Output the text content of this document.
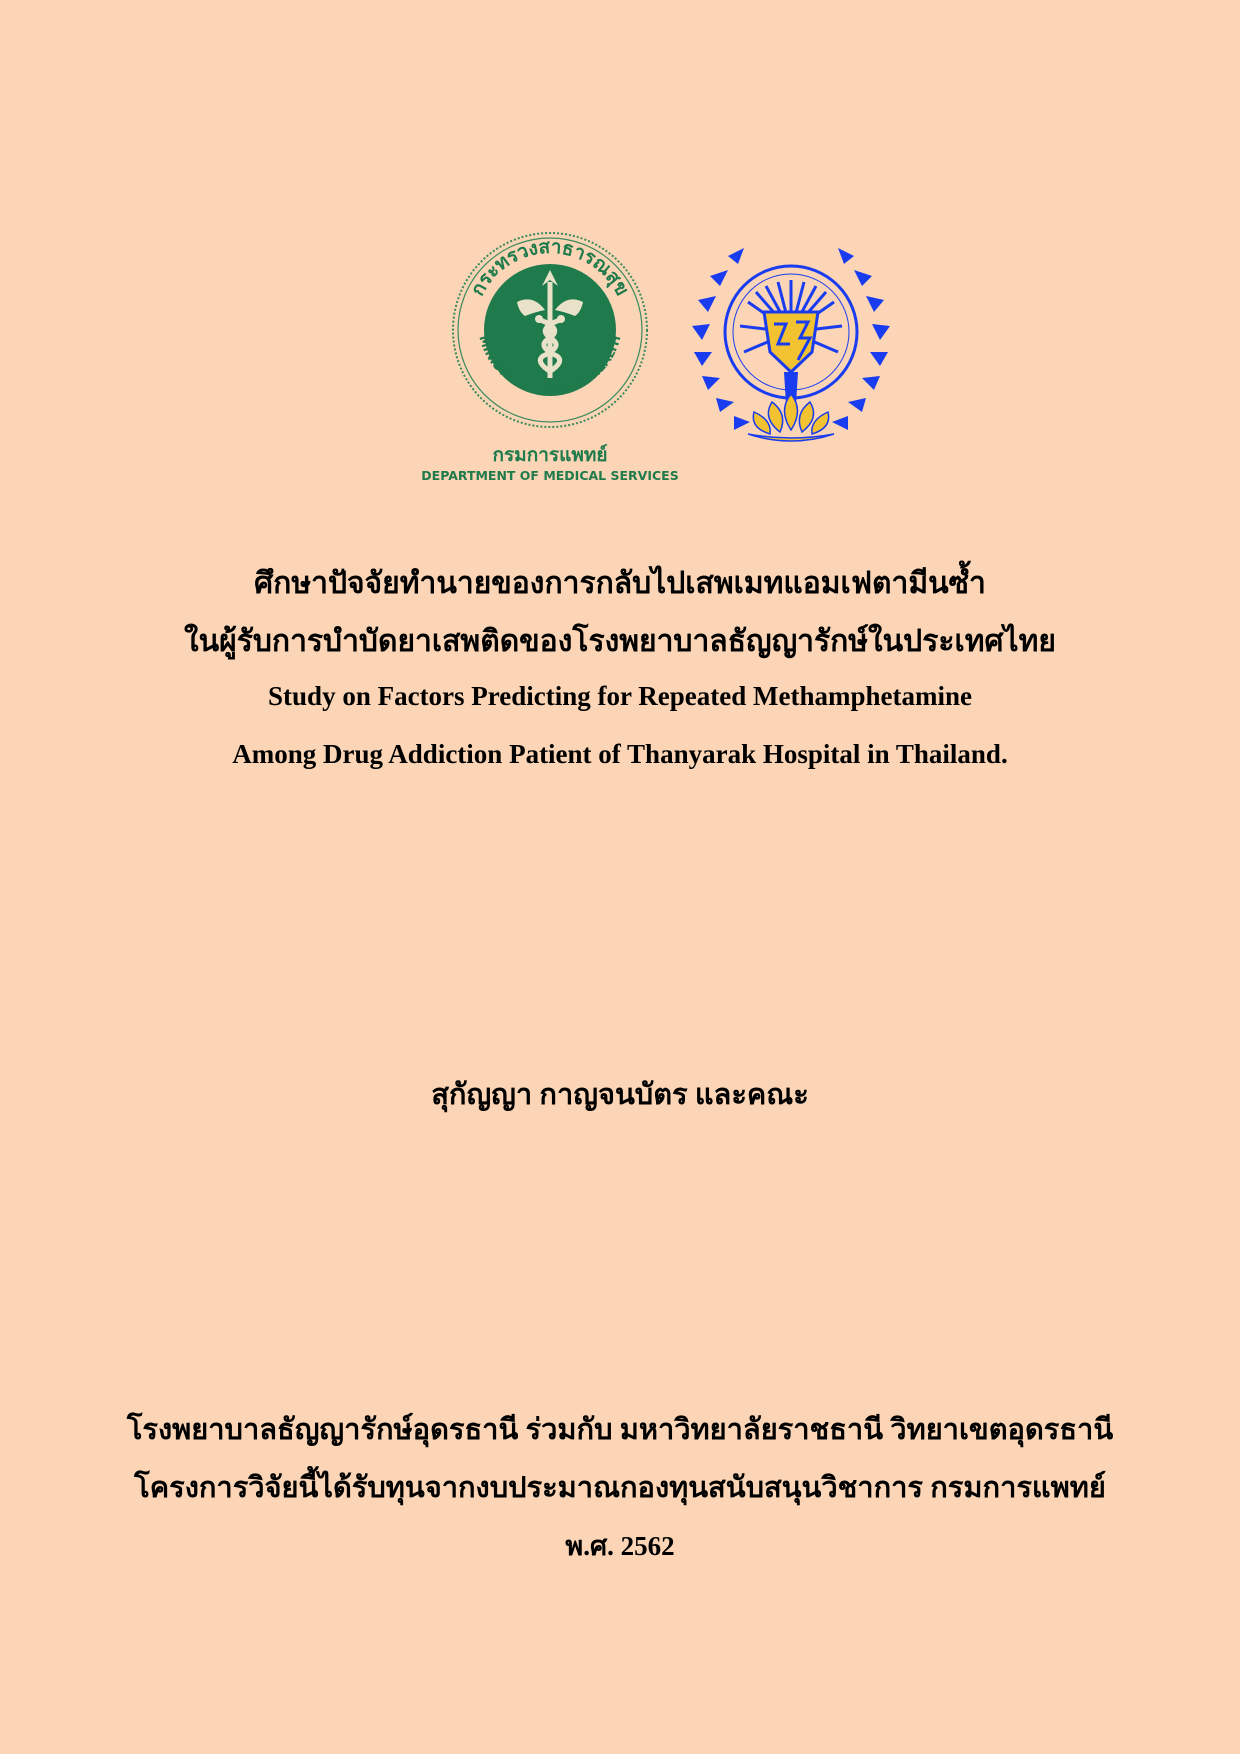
กระทรวงสาธารณสุข
MINISTRY OF PUBLIC HEALTH
กรมการแพทย์
DEPARTMENT OF MEDICAL SERVICES
ศึกษาปัจจัยทำนายของการกลับไปเสพเมทแอมเฟตามีนซ้ำ
ในผู้รับการบำบัดยาเสพติดของโรงพยาบาลธัญญารักษ์ในประเทศไทย
Study on Factors Predicting for Repeated Methamphetamine
Among Drug Addiction Patient of Thanyarak Hospital in Thailand.
สุกัญญา กาญจนบัตร และคณะ
โรงพยาบาลธัญญารักษ์อุดรธานี ร่วมกับ มหาวิทยาลัยราชธานี วิทยาเขตอุดรธานี
โครงการวิจัยนี้ได้รับทุนจากงบประมาณกองทุนสนับสนุนวิชาการ กรมการแพทย์
พ.ศ. 2562
